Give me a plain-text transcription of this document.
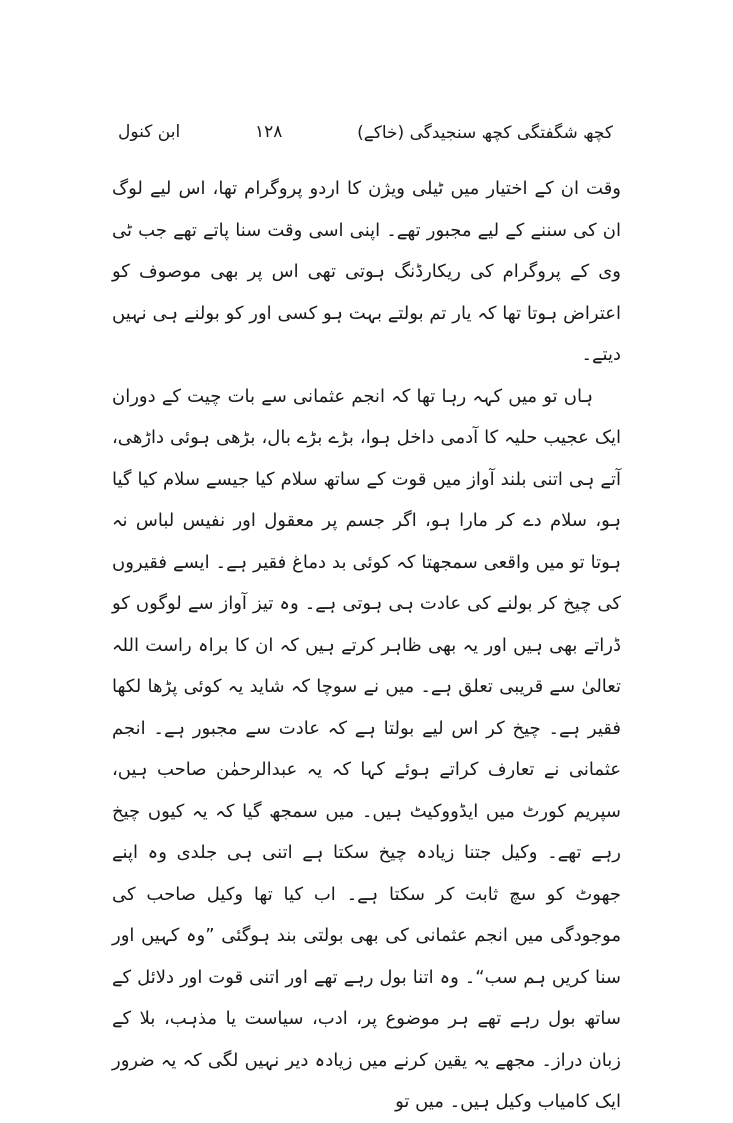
کچھ شگفتگی کچھ سنجیدگی (خاکے)
۱۲۸
ابن کنول

وقت ان کے اختیار میں ٹیلی ویژن کا اردو پروگرام تھا، اس لیے لوگ ان کی سننے کے لیے مجبور تھے۔ اپنی اسی وقت سنا پاتے تھے جب ٹی وی کے پروگرام کی ریکارڈنگ ہوتی تھی اس پر بھی موصوف کو اعتراض ہوتا تھا کہ یار تم بولتے بہت ہو کسی اور کو بولنے ہی نہیں دیتے۔

ہاں تو میں کہہ رہا تھا کہ انجم عثمانی سے بات چیت کے دوران ایک عجیب حلیہ کا آدمی داخل ہوا، بڑے بڑے بال، بڑھی ہوئی داڑھی، آتے ہی اتنی بلند آواز میں قوت کے ساتھ سلام کیا جیسے سلام کیا گیا ہو، سلام دے کر مارا ہو، اگر جسم پر معقول اور نفیس لباس نہ ہوتا تو میں واقعی سمجھتا کہ کوئی بد دماغ فقیر ہے۔ ایسے فقیروں کی چیخ کر بولنے کی عادت ہی ہوتی ہے۔ وہ تیز آواز سے لوگوں کو ڈراتے بھی ہیں اور یہ بھی ظاہر کرتے ہیں کہ ان کا براہ راست اللہ تعالیٰ سے قریبی تعلق ہے۔ میں نے سوچا کہ شاید یہ کوئی پڑھا لکھا فقیر ہے۔ چیخ کر اس لیے بولتا ہے کہ عادت سے مجبور ہے۔ انجم عثمانی نے تعارف کراتے ہوئے کہا کہ یہ عبدالرحمٰن صاحب ہیں، سپریم کورٹ میں ایڈووکیٹ ہیں۔ میں سمجھ گیا کہ یہ کیوں چیخ رہے تھے۔ وکیل جتنا زیادہ چیخ سکتا ہے اتنی ہی جلدی وہ اپنے جھوٹ کو سچ ثابت کر سکتا ہے۔ اب کیا تھا وکیل صاحب کی موجودگی میں انجم عثمانی کی بھی بولتی بند ہوگئی ”وہ کہیں اور سنا کریں ہم سب“۔ وہ اتنا بول رہے تھے اور اتنی قوت اور دلائل کے ساتھ بول رہے تھے ہر موضوع پر، ادب، سیاست یا مذہب، بلا کے زبان دراز۔ مجھے یہ یقین کرنے میں زیادہ دیر نہیں لگی کہ یہ ضرور ایک کامیاب وکیل ہیں۔ میں تو
